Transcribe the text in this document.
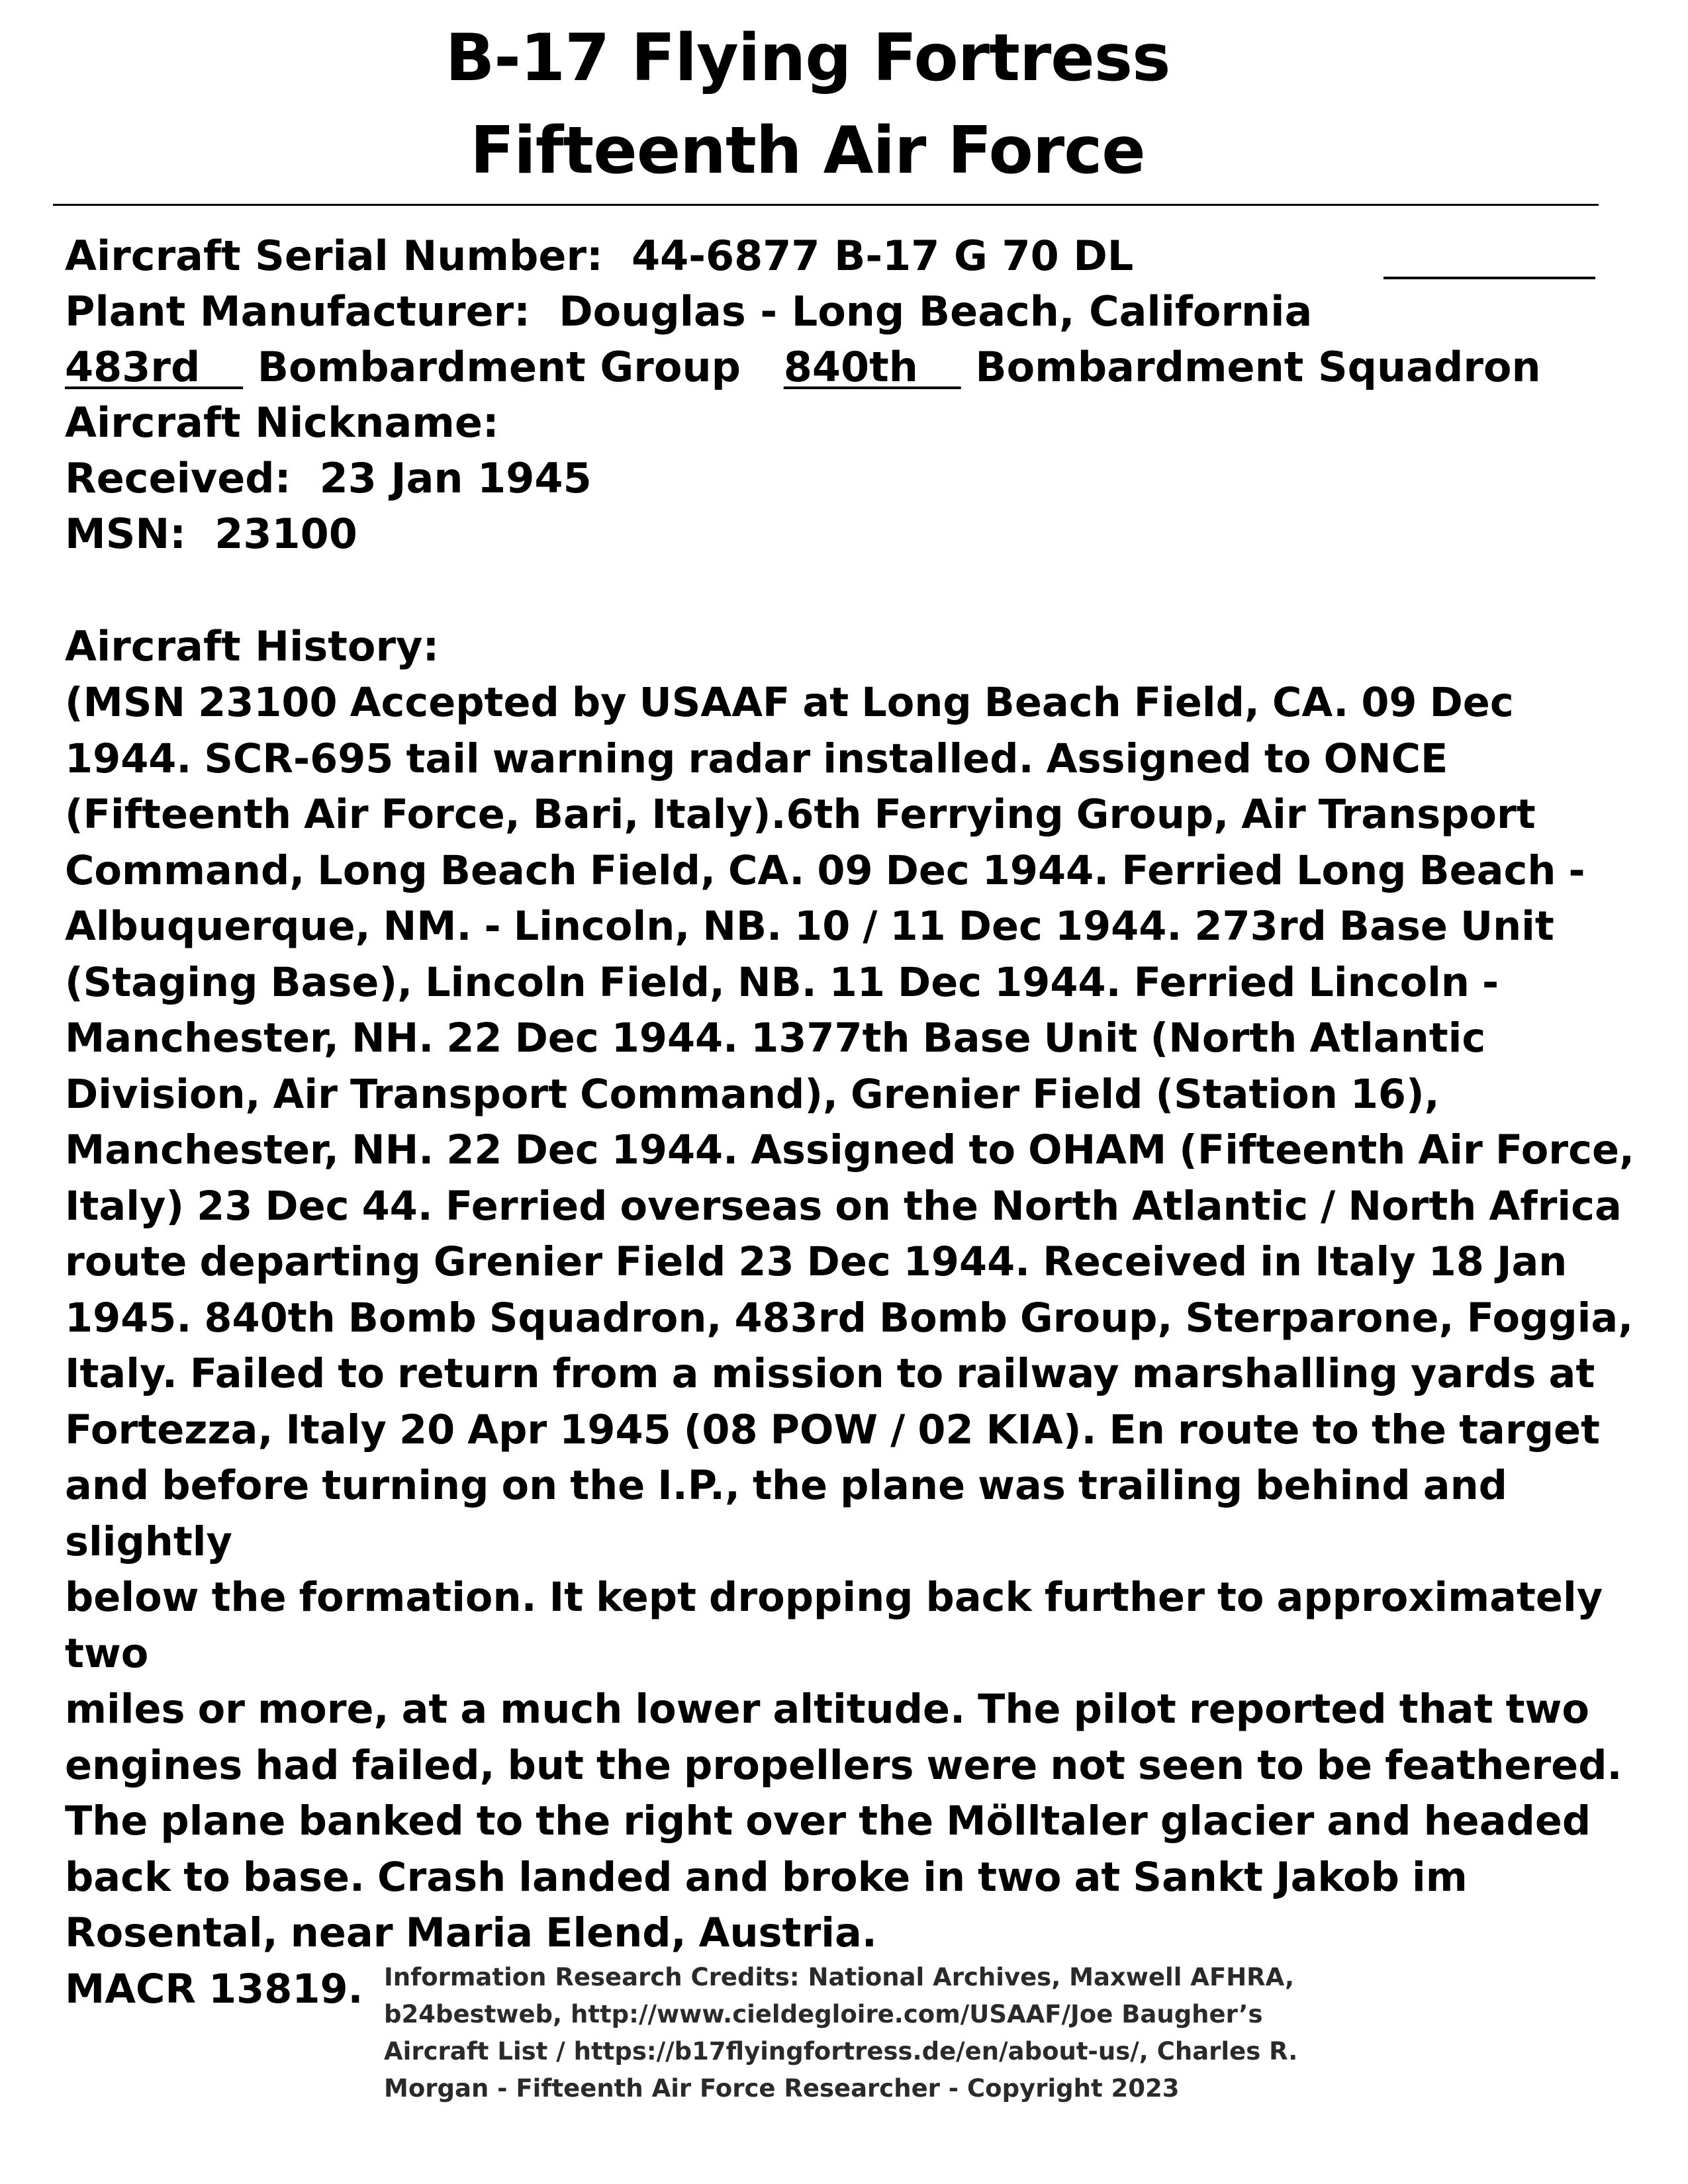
B-17 Flying Fortress
Fifteenth Air Force
Aircraft Serial Number: 44-6877 B-17 G 70 DL
Plant Manufacturer: Douglas - Long Beach, California
483rd Bombardment Group 840th Bombardment Squadron
Aircraft Nickname:
Received: 23 Jan 1945
MSN: 23100
Aircraft History:
(MSN 23100 Accepted by USAAF at Long Beach Field, CA. 09 Dec
1944. SCR-695 tail warning radar installed. Assigned to ONCE
(Fifteenth Air Force, Bari, Italy).6th Ferrying Group, Air Transport
Command, Long Beach Field, CA. 09 Dec 1944. Ferried Long Beach -
Albuquerque, NM. - Lincoln, NB. 10 / 11 Dec 1944. 273rd Base Unit
(Staging Base), Lincoln Field, NB. 11 Dec 1944. Ferried Lincoln -
Manchester, NH. 22 Dec 1944. 1377th Base Unit (North Atlantic
Division, Air Transport Command), Grenier Field (Station 16),
Manchester, NH. 22 Dec 1944. Assigned to OHAM (Fifteenth Air Force,
Italy) 23 Dec 44. Ferried overseas on the North Atlantic / North Africa
route departing Grenier Field 23 Dec 1944. Received in Italy 18 Jan
1945. 840th Bomb Squadron, 483rd Bomb Group, Sterparone, Foggia,
Italy. Failed to return from a mission to railway marshalling yards at
Fortezza, Italy 20 Apr 1945 (08 POW / 02 KIA). En route to the target
and before turning on the I.P., the plane was trailing behind and slightly
below the formation. It kept dropping back further to approximately two
miles or more, at a much lower altitude. The pilot reported that two
engines had failed, but the propellers were not seen to be feathered.
The plane banked to the right over the Mölltaler glacier and headed
back to base. Crash landed and broke in two at Sankt Jakob im
Rosental, near Maria Elend, Austria.
MACR 13819. Information Research Credits: National Archives, Maxwell AFHRA,
b24bestweb, http://www.cieldegloire.com/USAAF/Joe Baugher’s
Aircraft List / https://b17flyingfortress.de/en/about-us/, Charles R.
Morgan - Fifteenth Air Force Researcher - Copyright 2023
